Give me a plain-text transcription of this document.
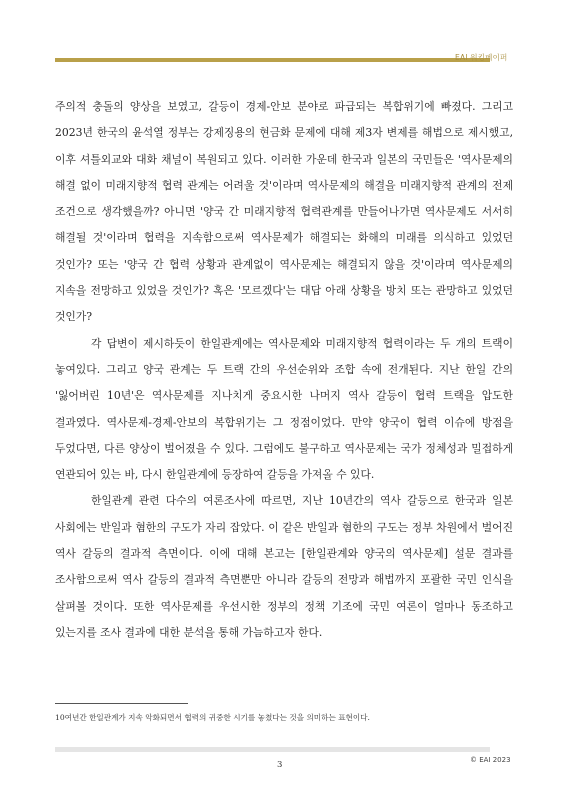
EAI 워킹페이퍼

주의적 충돌의 양상을 보였고, 갈등이 경제-안보 분야로 파급되는 복합위기에 빠졌다. 그리고 2023년 한국의 윤석열 정부는 강제징용의 현금화 문제에 대해 제3자 변제를 해법으로 제시했고, 이후 셔틀외교와 대화 채널이 복원되고 있다. 이러한 가운데 한국과 일본의 국민들은 '역사문제의 해결 없이 미래지향적 협력 관계는 어려울 것'이라며 역사문제의 해결을 미래지향적 관계의 전제 조건으로 생각했을까? 아니면 '양국 간 미래지향적 협력관계를 만들어나가면 역사문제도 서서히 해결될 것'이라며 협력을 지속함으로써 역사문제가 해결되는 화해의 미래를 의식하고 있었던 것인가? 또는 '양국 간 협력 상황과 관계없이 역사문제는 해결되지 않을 것'이라며 역사문제의 지속을 전망하고 있었을 것인가? 혹은 '모르겠다'는 대답 아래 상황을 방치 또는 관망하고 있었던 것인가?

각 답변이 제시하듯이 한일관계에는 역사문제와 미래지향적 협력이라는 두 개의 트랙이 놓여있다. 그리고 양국 관계는 두 트랙 간의 우선순위와 조합 속에 전개된다. 지난 한일 간의 '잃어버린 10년'은 역사문제를 지나치게 중요시한 나머지 역사 갈등이 협력 트랙을 압도한 결과였다. 역사문제-경제-안보의 복합위기는 그 정점이었다. 만약 양국이 협력 이슈에 방점을 두었다면, 다른 양상이 벌어졌을 수 있다. 그럼에도 불구하고 역사문제는 국가 정체성과 밀접하게 연관되어 있는 바, 다시 한일관계에 등장하여 갈등을 가져올 수 있다.

한일관계 관련 다수의 여론조사에 따르면, 지난 10년간의 역사 갈등으로 한국과 일본 사회에는 반일과 혐한의 구도가 자리 잡았다. 이 같은 반일과 혐한의 구도는 정부 차원에서 벌어진 역사 갈등의 결과적 측면이다. 이에 대해 본고는 [한일관계와 양국의 역사문제] 설문 결과를 조사함으로써 역사 갈등의 결과적 측면뿐만 아니라 갈등의 전망과 해법까지 포괄한 국민 인식을 살펴볼 것이다. 또한 역사문제를 우선시한 정부의 정책 기조에 국민 여론이 얼마나 동조하고 있는지를 조사 결과에 대한 분석을 통해 가늠하고자 한다.

10여년간 한일관계가 지속 악화되면서 협력의 귀중한 시기를 놓쳤다는 것을 의미하는 표현이다.
3	© EAI 2023
